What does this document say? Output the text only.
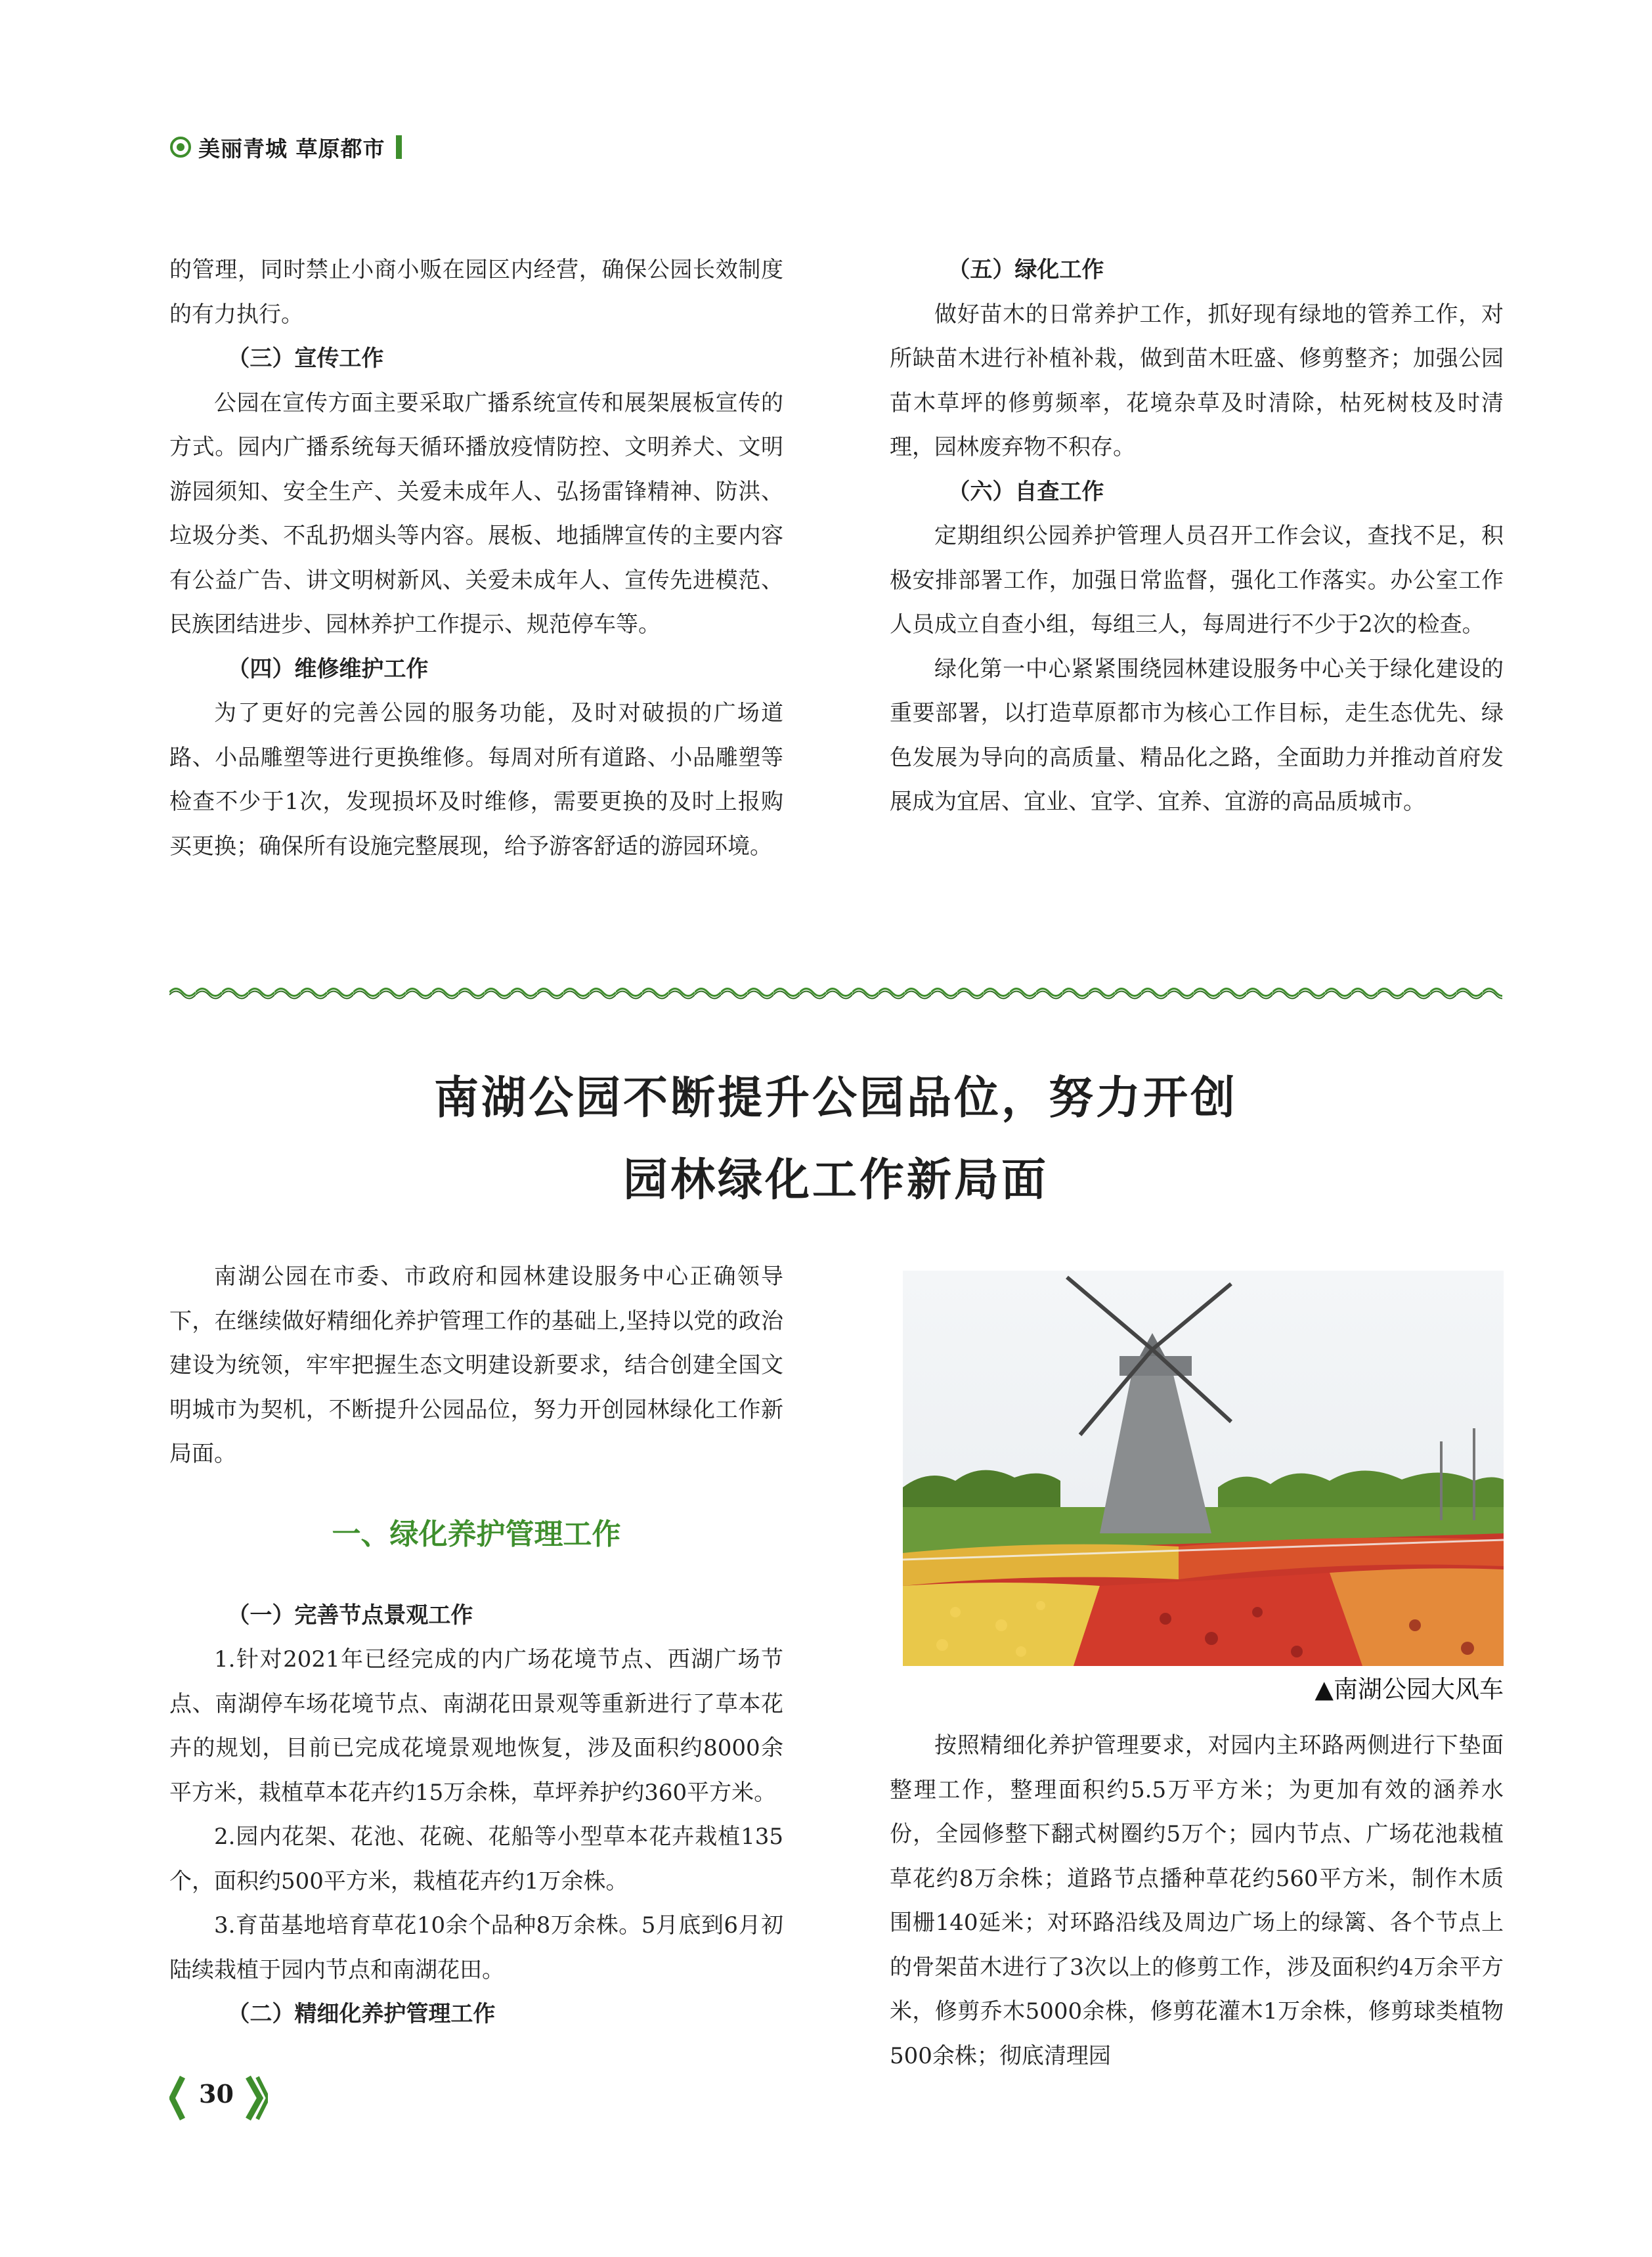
美丽青城 草原都市

的管理，同时禁止小商小贩在园区内经营，确保公园长效制度的有力执行。

（三）宣传工作

公园在宣传方面主要采取广播系统宣传和展架展板宣传的方式。园内广播系统每天循环播放疫情防控、文明养犬、文明游园须知、安全生产、关爱未成年人、弘扬雷锋精神、防洪、垃圾分类、不乱扔烟头等内容。展板、地插牌宣传的主要内容有公益广告、讲文明树新风、关爱未成年人、宣传先进模范、民族团结进步、园林养护工作提示、规范停车等。

（四）维修维护工作

为了更好的完善公园的服务功能，及时对破损的广场道路、小品雕塑等进行更换维修。每周对所有道路、小品雕塑等检查不少于1次，发现损坏及时维修，需要更换的及时上报购买更换；确保所有设施完整展现，给予游客舒适的游园环境。

（五）绿化工作

做好苗木的日常养护工作，抓好现有绿地的管养工作，对所缺苗木进行补植补栽，做到苗木旺盛、修剪整齐；加强公园苗木草坪的修剪频率，花境杂草及时清除，枯死树枝及时清理，园林废弃物不积存。

（六）自查工作

定期组织公园养护管理人员召开工作会议，查找不足，积极安排部署工作，加强日常监督，强化工作落实。办公室工作人员成立自查小组，每组三人，每周进行不少于2次的检查。

绿化第一中心紧紧围绕园林建设服务中心关于绿化建设的重要部署，以打造草原都市为核心工作目标，走生态优先、绿色发展为导向的高质量、精品化之路，全面助力并推动首府发展成为宜居、宜业、宜学、宜养、宜游的高品质城市。

南湖公园不断提升公园品位，努力开创
园林绿化工作新局面

南湖公园在市委、市政府和园林建设服务中心正确领导下，在继续做好精细化养护管理工作的基础上,坚持以党的政治建设为统领，牢牢把握生态文明建设新要求，结合创建全国文明城市为契机，不断提升公园品位，努力开创园林绿化工作新局面。

一、绿化养护管理工作
（一）完善节点景观工作

1.针对2021年已经完成的内广场花境节点、西湖广场节点、南湖停车场花境节点、南湖花田景观等重新进行了草本花卉的规划，目前已完成花境景观地恢复，涉及面积约8000余平方米，栽植草本花卉约15万余株，草坪养护约360平方米。

2.园内花架、花池、花碗、花船等小型草本花卉栽植135个，面积约500平方米，栽植花卉约1万余株。

3.育苗基地培育草花10余个品种8万余株。5月底到6月初陆续栽植于园内节点和南湖花田。

（二）精细化养护管理工作
▲南湖公园大风车

按照精细化养护管理要求，对园内主环路两侧进行下垫面整理工作，整理面积约5.5万平方米；为更加有效的涵养水份，全园修整下翻式树圈约5万个；园内节点、广场花池栽植草花约8万余株；道路节点播种草花约560平方米，制作木质围栅140延米；对环路沿线及周边广场上的绿篱、各个节点上的骨架苗木进行了3次以上的修剪工作，涉及面积约4万余平方米，修剪乔木5000余株，修剪花灌木1万余株，修剪球类植物500余株；彻底清理园

30
